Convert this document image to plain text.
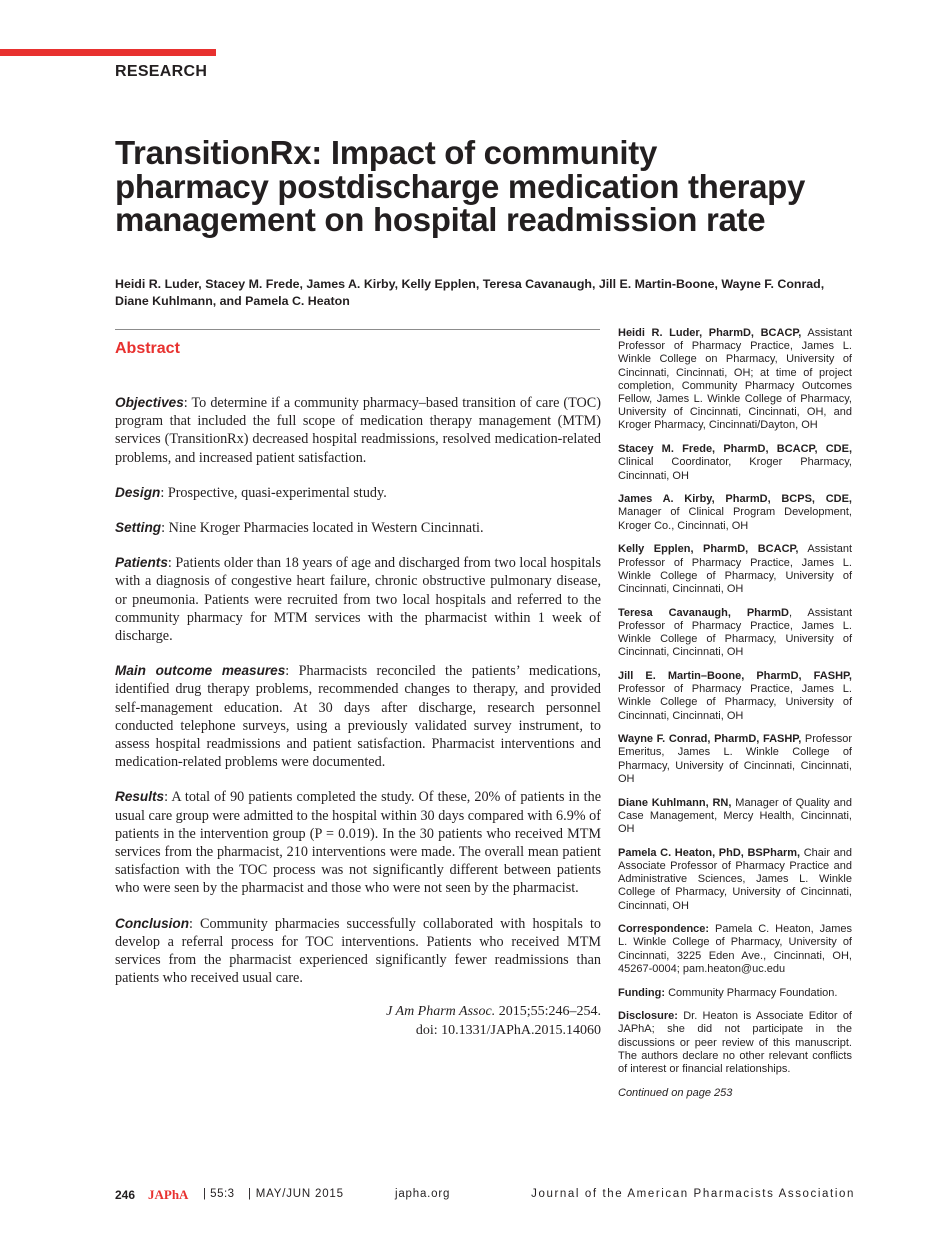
RESEARCH
TransitionRx: Impact of community pharmacy postdischarge medication therapy management on hospital readmission rate
Heidi R. Luder, Stacey M. Frede, James A. Kirby, Kelly Epplen, Teresa Cavanaugh, Jill E. Martin-Boone, Wayne F. Conrad, Diane Kuhlmann, and Pamela C. Heaton
Abstract

Objectives: To determine if a community pharmacy–based transition of care (TOC) program that included the full scope of medication therapy management (MTM) services (TransitionRx) decreased hospital readmissions, resolved medication-related problems, and increased patient satisfaction.

Design: Prospective, quasi-experimental study.

Setting: Nine Kroger Pharmacies located in Western Cincinnati.

Patients: Patients older than 18 years of age and discharged from two local hospitals with a diagnosis of congestive heart failure, chronic obstructive pulmonary disease, or pneumonia. Patients were recruited from two local hospitals and referred to the community pharmacy for MTM services with the pharmacist within 1 week of discharge.

Main outcome measures: Pharmacists reconciled the patients’ medications, identified drug therapy problems, recommended changes to therapy, and provided self-management education. At 30 days after discharge, research personnel conducted telephone surveys, using a previously validated survey instrument, to assess hospital readmissions and patient satisfaction. Pharmacist interventions and medication-related problems were documented.

Results: A total of 90 patients completed the study. Of these, 20% of patients in the usual care group were admitted to the hospital within 30 days compared with 6.9% of patients in the intervention group (P = 0.019). In the 30 patients who received MTM services from the pharmacist, 210 interventions were made. The overall mean patient satisfaction with the TOC process was not significantly different between patients who were seen by the pharmacist and those who were not seen by the pharmacist.

Conclusion: Community pharmacies successfully collaborated with hospitals to develop a referral process for TOC interventions. Patients who received MTM services from the pharmacist experienced significantly fewer readmissions than patients who received usual care.

J Am Pharm Assoc. 2015;55:246–254.
doi: 10.1331/JAPhA.2015.14060

Heidi R. Luder, PharmD, BCACP, Assistant Professor of Pharmacy Practice, James L. Winkle College on Pharmacy, University of Cincinnati, Cincinnati, OH; at time of project completion, Community Pharmacy Outcomes Fellow, James L. Winkle College of Pharmacy, University of Cincinnati, Cincinnati, OH, and Kroger Pharmacy, Cincinnati/Dayton, OH

Stacey M. Frede, PharmD, BCACP, CDE, Clinical Coordinator, Kroger Pharmacy, Cincinnati, OH

James A. Kirby, PharmD, BCPS, CDE, Manager of Clinical Program Development, Kroger Co., Cincinnati, OH

Kelly Epplen, PharmD, BCACP, Assistant Professor of Pharmacy Practice, James L. Winkle College of Pharmacy, University of Cincinnati, Cincinnati, OH

Teresa Cavanaugh, PharmD, Assistant Professor of Pharmacy Practice, James L. Winkle College of Pharmacy, University of Cincinnati, Cincinnati, OH

Jill E. Martin–Boone, PharmD, FASHP, Professor of Pharmacy Practice, James L. Winkle College of Pharmacy, University of Cincinnati, Cincinnati, OH

Wayne F. Conrad, PharmD, FASHP, Professor Emeritus, James L. Winkle College of Pharmacy, University of Cincinnati, Cincinnati, OH

Diane Kuhlmann, RN, Manager of Quality and Case Management, Mercy Health, Cincinnati, OH

Pamela C. Heaton, PhD, BSPharm, Chair and Associate Professor of Pharmacy Practice and Administrative Sciences, James L. Winkle College of Pharmacy, University of Cincinnati, Cincinnati, OH

Correspondence: Pamela C. Heaton, James L. Winkle College of Pharmacy, University of Cincinnati, 3225 Eden Ave., Cincinnati, OH, 45267-0004; pam.heaton@uc.edu

Funding: Community Pharmacy Foundation.

Disclosure: Dr. Heaton is Associate Editor of JAPhA; she did not participate in the discussions or peer review of this manuscript. The authors declare no other relevant conflicts of interest or financial relationships.

Continued on page 253

246 JAPhA | 55:3 | MAY/JUN 2015	japha.org	Journal of the American Pharmacists Association
